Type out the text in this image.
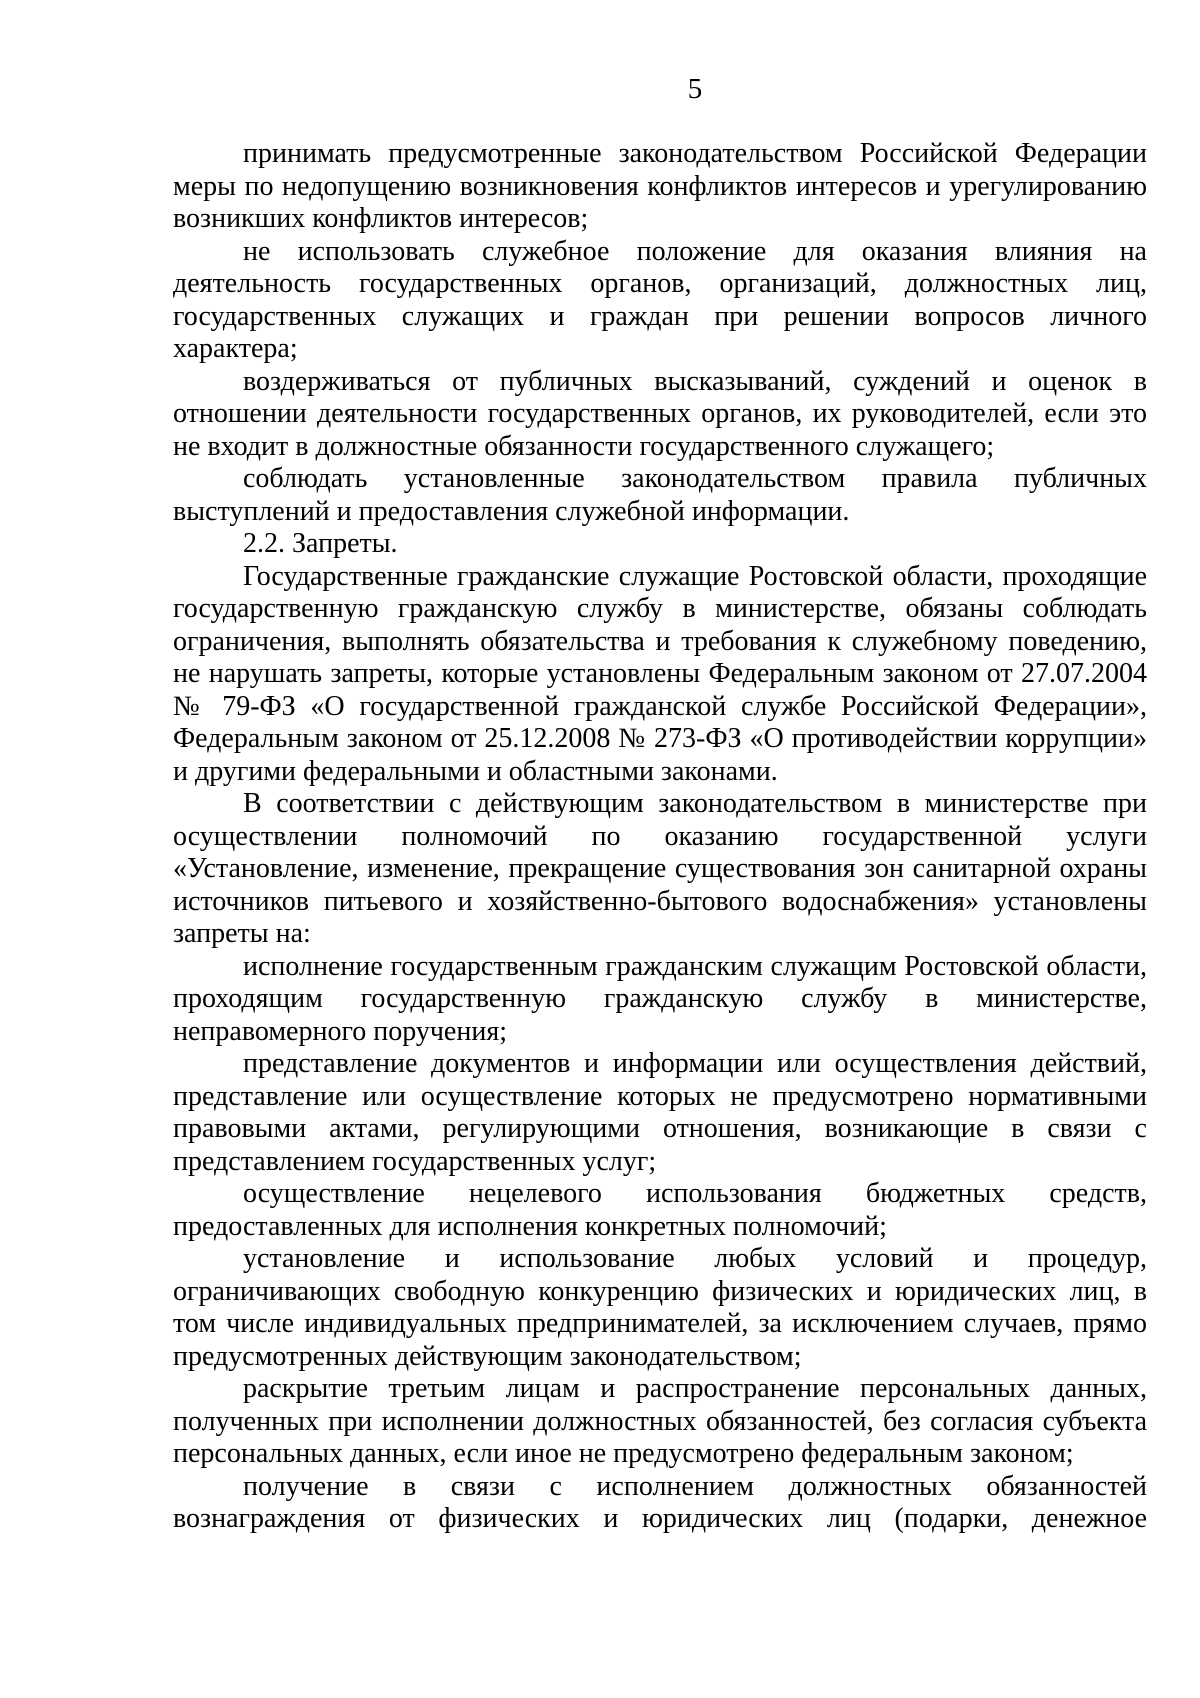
5

принимать предусмотренные законодательством Российской Федерации меры по недопущению возникновения конфликтов интересов и урегулированию возникших конфликтов интересов;

не использовать служебное положение для оказания влияния на деятельность государственных органов, организаций, должностных лиц, государственных служащих и граждан при решении вопросов личного характера;

воздерживаться от публичных высказываний, суждений и оценок в отношении деятельности государственных органов, их руководителей, если это не входит в должностные обязанности государственного служащего;

соблюдать установленные законодательством правила публичных выступлений и предоставления служебной информации.

2.2. Запреты.

Государственные гражданские служащие Ростовской области, проходящие государственную гражданскую службу в министерстве, обязаны соблюдать ограничения, выполнять обязательства и требования к служебному поведению, не нарушать запреты, которые установлены Федеральным законом от 27.07.2004 № 79-ФЗ «О государственной гражданской службе Российской Федерации», Федеральным законом от 25.12.2008 № 273-ФЗ «О противодействии коррупции» и другими федеральными и областными законами.

В соответствии с действующим законодательством в министерстве при осуществлении полномочий по оказанию государственной услуги «Установление, изменение, прекращение существования зон санитарной охраны источников питьевого и хозяйственно-бытового водоснабжения» установлены запреты на:

исполнение государственным гражданским служащим Ростовской области, проходящим государственную гражданскую службу в министерстве, неправомерного поручения;

представление документов и информации или осуществления действий, представление или осуществление которых не предусмотрено нормативными правовыми актами, регулирующими отношения, возникающие в связи с представлением государственных услуг;

осуществление нецелевого использования бюджетных средств, предоставленных для исполнения конкретных полномочий;

установление и использование любых условий и процедур, ограничивающих свободную конкуренцию физических и юридических лиц, в том числе индивидуальных предпринимателей, за исключением случаев, прямо предусмотренных действующим законодательством;

раскрытие третьим лицам и распространение персональных данных, полученных при исполнении должностных обязанностей, без согласия субъекта персональных данных, если иное не предусмотрено федеральным законом;

получение в связи с исполнением должностных обязанностей вознаграждения от физических и юридических лиц (подарки, денежное
